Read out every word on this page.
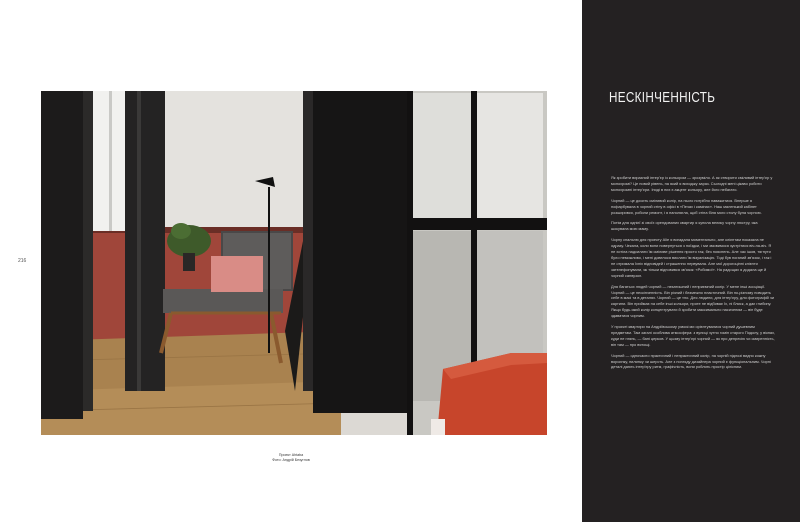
216
Проект Ahtaba
Фото: Андрій Безуглов
НЕСКІНЧЕННІСТЬ

Як зробити виразний інтер'єр із кольором — зрозуміло. А як створити сміливий інтер'єр у монохромі? Це новий рівень, на який я виходжу зараз. Сьогодні мені цікаво робити монохромні інтер'єри. Іноді в них є акцент кольору, але його небагато.

Чорний — це досить сміливий колір, на нього потрібно наважитися. Вперше я пофарбувала в чорний стіну в офісі в «Печах і камінах». Наш маленький кабінет розширився, робили ремонт, і я наполягла, щоб стіна біля мого столу була чорною.

Потім для однієї зі своїх орендованих квартир я купила велику чорну люстру, яка шокувала мою маму.

Чорну спальню для проекту Alie я вигадала моментально, але клієнтам показала не одразу. Чекала, коли вони повернуться з поїздки, і ми змовимося зустрітися віч-на-віч. Я не хотіла надсилати їм сміливе рішення просто так, без пояснень. Але час ішов, тягнути було неможливо, і мені довелося вислати їм візуалізацію. Тоді був поганий зв'язок, і так і не отримала їхніх відповідей і страшенно нервувала. Але мої дорогоцінні клієнти зателефонували, як тільки відновився зв'язок: «Робимо!». На радощах я додала ще й чорний санвузол.

Для багатьох людей чорний — незатишний і неприємний колір. У мене інші асоціації. Чорний — це нескінченність. Він різний і безмежно пластичний. Він по-різному поводить себе в масі та в деталях. Чорний — це тло. Для людини, для інтер'єру, для фотографій чи картини. Він приймає на себе інші кольори, проте не відбиває їх, ні блиск, а дає глибину. Якщо будь-який колір концентрувати й зробити максимально насиченим — він буде здаватися чорним.

У проєкті квартири на Андріївському узвозі ми орієнтувалися чорний душевним предметам. Там загалі особлива атмосфера: з вулиці чутно гомін старого Подолу, у вікнах, куди не глянь, — бані церков. У цьому інтер'єрі чорний — як про депресію чи смиренність, він там — про вятощі.

Чорний — одночасно практичний і непрактичний колір, на чорній підлозі видно кожну ворсинку, пилинку чи шерсть. Але з погляду дизайнера чорний є функціональним. Чорні деталі дають інтер'єру ритм, графічність, вони роблять простір цілісним.
